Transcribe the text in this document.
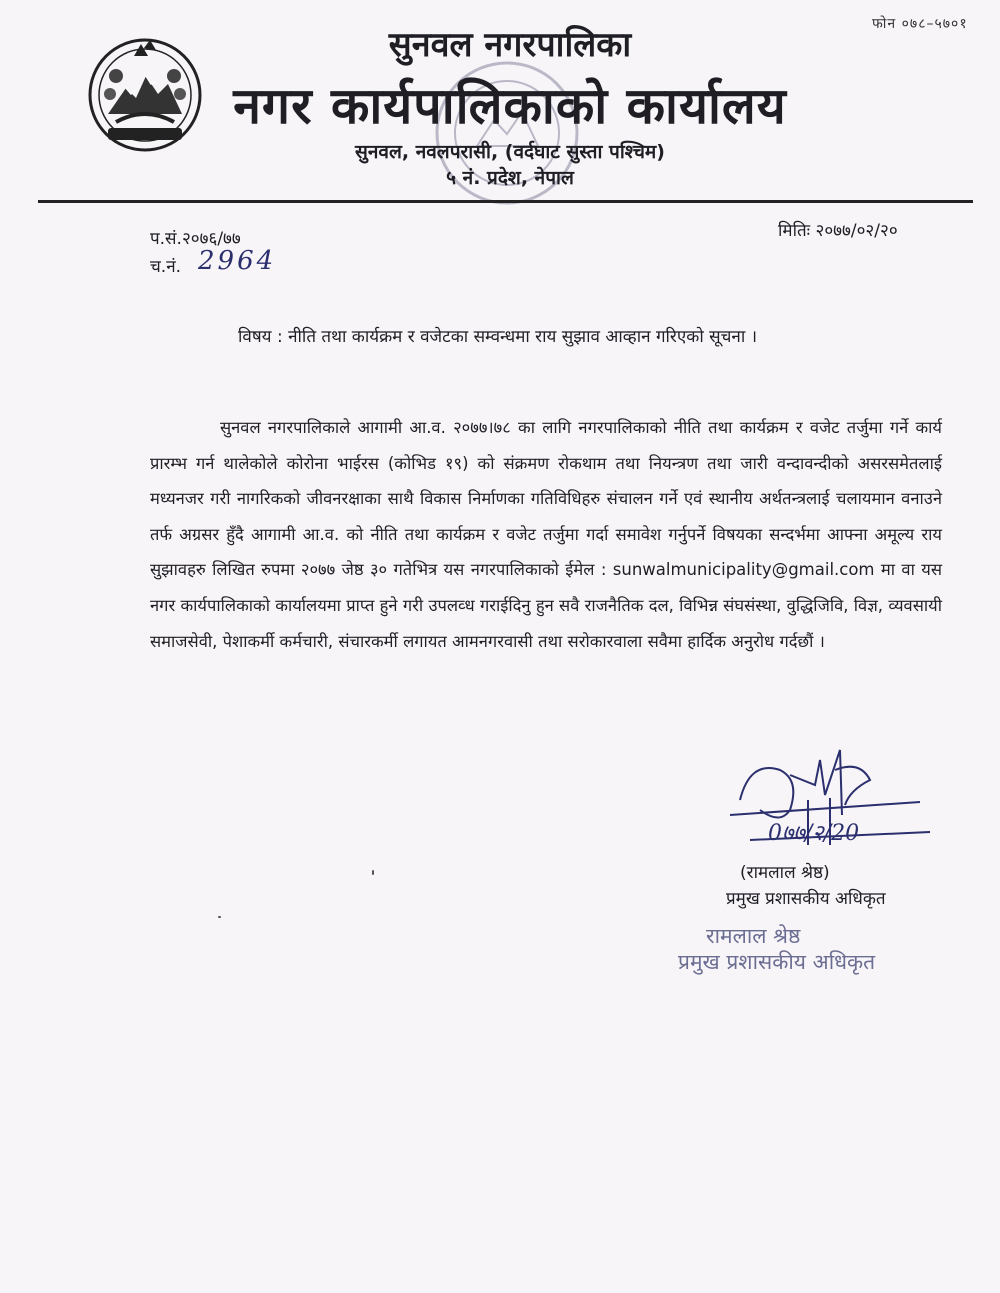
फोन ०७८–५७०१
सुनवल नगरपालिका
नगर कार्यपालिकाको कार्यालय
सुनवल, नवलपरासी, (वर्दघाट सुस्ता पश्चिम)
५ नं. प्रदेश, नेपाल
प.सं.२०७६/७७
च.नं. 2964
मितिः २०७७/०२/२०
विषय : नीति तथा कार्यक्रम र वजेटका सम्वन्धमा राय सुझाव आव्हान गरिएको सूचना ।

सुनवल नगरपालिकाले आगामी आ.व. २०७७।७८ का लागि नगरपालिकाको नीति तथा कार्यक्रम र वजेट तर्जुमा गर्ने कार्य प्रारम्भ गर्न थालेकोले कोरोना भाईरस (कोभिड १९) को संक्रमण रोकथाम तथा नियन्त्रण तथा जारी वन्दावन्दीको असरसमेतलाई मध्यनजर गरी नागरिकको जीवनरक्षाका साथै विकास निर्माणका गतिविधिहरु संचालन गर्ने एवं स्थानीय अर्थतन्त्रलाई चलायमान वनाउने तर्फ अग्रसर हुँदै आगामी आ.व. को नीति तथा कार्यक्रम र वजेट तर्जुमा गर्दा समावेश गर्नुपर्ने विषयका सन्दर्भमा आफ्ना अमूल्य राय सुझावहरु लिखित रुपमा २०७७ जेष्ठ ३० गतेभित्र यस नगरपालिकाको ईमेल : sunwalmunicipality@gmail.com मा वा यस नगर कार्यपालिकाको कार्यालयमा प्राप्त हुने गरी उपलव्ध गराईदिनु हुन सवै राजनैतिक दल, विभिन्न संघसंस्था, वुद्धिजिवि, विज्ञ, व्यवसायी समाजसेवी, पेशाकर्मी कर्मचारी, संचारकर्मी लगायत आमनगरवासी तथा सरोकारवाला सवैमा हार्दिक अनुरोध गर्दछौं ।

0७७/२/20
(रामलाल श्रेष्ठ)
प्रमुख प्रशासकीय अधिकृत
रामलाल श्रेष्ठ
प्रमुख प्रशासकीय अधिकृत
